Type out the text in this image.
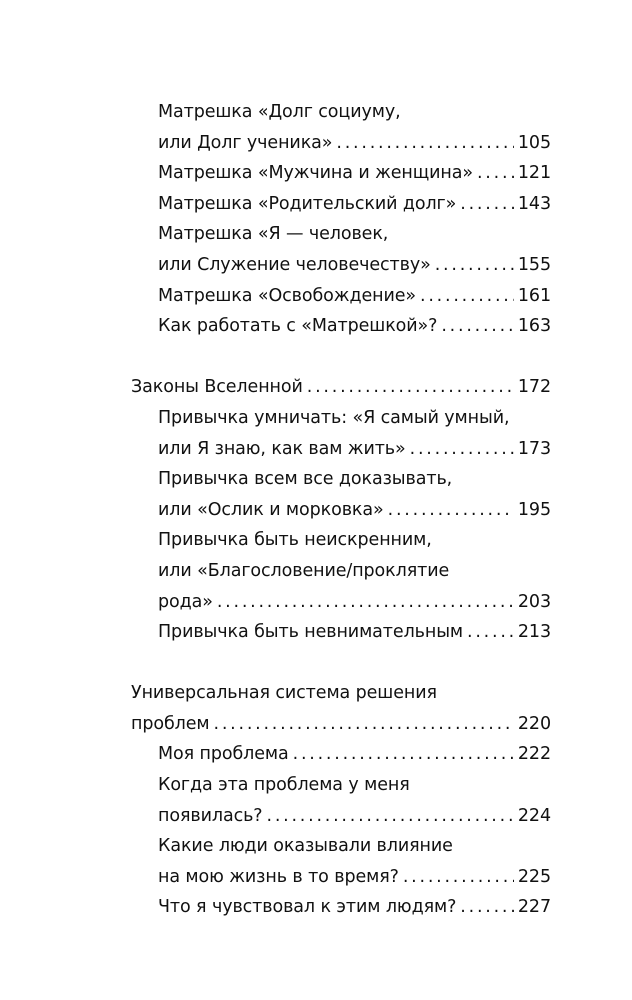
Матрешка «Долг социуму,
или Долг ученика» . . .	105
Матрешка «Мужчина и женщина» . . .	121
Матрешка «Родительский долг» . . .	143
Матрешка «Я — человек,
или Служение человечеству» . . .	155
Матрешка «Освобождение» . . .	161
Как работать с «Матрешкой»? . . .	163
Законы Вселенной . . .	172
Привычка умничать: «Я самый умный,
или Я знаю, как вам жить» . . .	173
Привычка всем все доказывать,
или «Ослик и морковка» . . .	195
Привычка быть неискренним,
или «Благословение/проклятие
рода» . . .	203
Привычка быть невнимательным . . .	213
Универсальная система решения
проблем . . .	220
Моя проблема . . .	222
Когда эта проблема у меня
появилась? . . .	224
Какие люди оказывали влияние
на мою жизнь в то время? . . .	225
Что я чувствовал к этим людям? . . .	227
